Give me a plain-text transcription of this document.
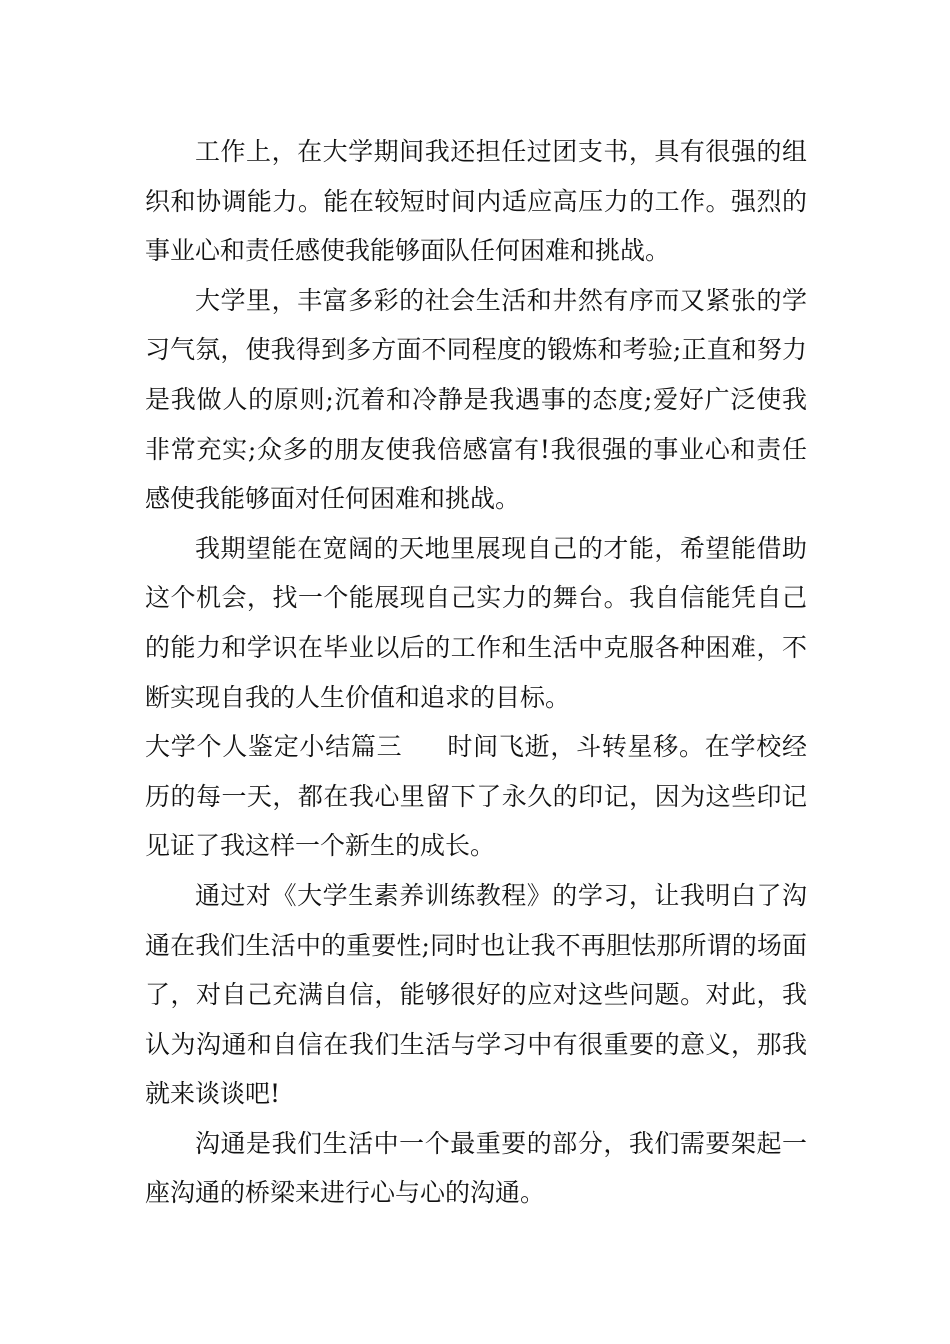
工作上，在大学期间我还担任过团支书，具有很强的组织和协调能力。能在较短时间内适应高压力的工作。强烈的事业心和责任感使我能够面队任何困难和挑战。

大学里，丰富多彩的社会生活和井然有序而又紧张的学习气氛，使我得到多方面不同程度的锻炼和考验;正直和努力是我做人的原则;沉着和冷静是我遇事的态度;爱好广泛使我非常充实;众多的朋友使我倍感富有!我很强的事业心和责任感使我能够面对任何困难和挑战。

我期望能在宽阔的天地里展现自己的才能，希望能借助这个机会，找一个能展现自己实力的舞台。我自信能凭自己的能力和学识在毕业以后的工作和生活中克服各种困难，不断实现自我的人生价值和追求的目标。

大学个人鉴定小结篇三 时间飞逝，斗转星移。在学校经历的每一天，都在我心里留下了永久的印记，因为这些印记见证了我这样一个新生的成长。

通过对《大学生素养训练教程》的学习，让我明白了沟通在我们生活中的重要性;同时也让我不再胆怯那所谓的场面了，对自己充满自信，能够很好的应对这些问题。对此，我认为沟通和自信在我们生活与学习中有很重要的意义，那我就来谈谈吧!

沟通是我们生活中一个最重要的部分，我们需要架起一座沟通的桥梁来进行心与心的沟通。
